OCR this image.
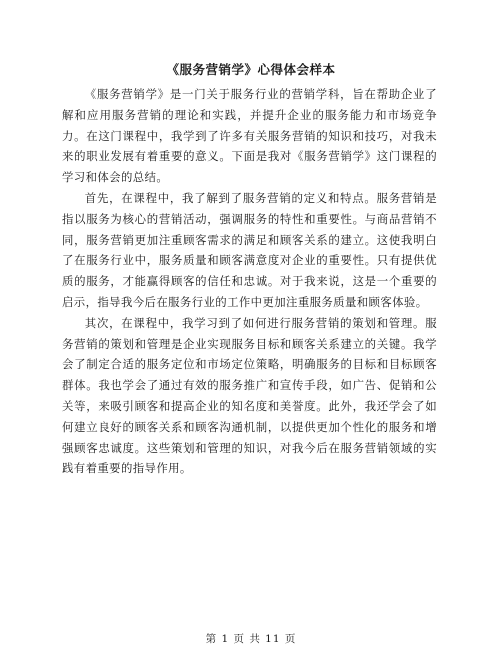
《服务营销学》心得体会样本

《服务营销学》是一门关于服务行业的营销学科，旨在帮助企业了解和应用服务营销的理论和实践，并提升企业的服务能力和市场竞争力。在这门课程中，我学到了许多有关服务营销的知识和技巧，对我未来的职业发展有着重要的意义。下面是我对《服务营销学》这门课程的学习和体会的总结。

首先，在课程中，我了解到了服务营销的定义和特点。服务营销是指以服务为核心的营销活动，强调服务的特性和重要性。与商品营销不同，服务营销更加注重顾客需求的满足和顾客关系的建立。这使我明白了在服务行业中，服务质量和顾客满意度对企业的重要性。只有提供优质的服务，才能赢得顾客的信任和忠诚。对于我来说，这是一个重要的启示，指导我今后在服务行业的工作中更加注重服务质量和顾客体验。

其次，在课程中，我学习到了如何进行服务营销的策划和管理。服务营销的策划和管理是企业实现服务目标和顾客关系建立的关键。我学会了制定合适的服务定位和市场定位策略，明确服务的目标和目标顾客群体。我也学会了通过有效的服务推广和宣传手段，如广告、促销和公关等，来吸引顾客和提高企业的知名度和美誉度。此外，我还学会了如何建立良好的顾客关系和顾客沟通机制，以提供更加个性化的服务和增强顾客忠诚度。这些策划和管理的知识，对我今后在服务营销领域的实践有着重要的指导作用。

第 1 页 共 11 页
